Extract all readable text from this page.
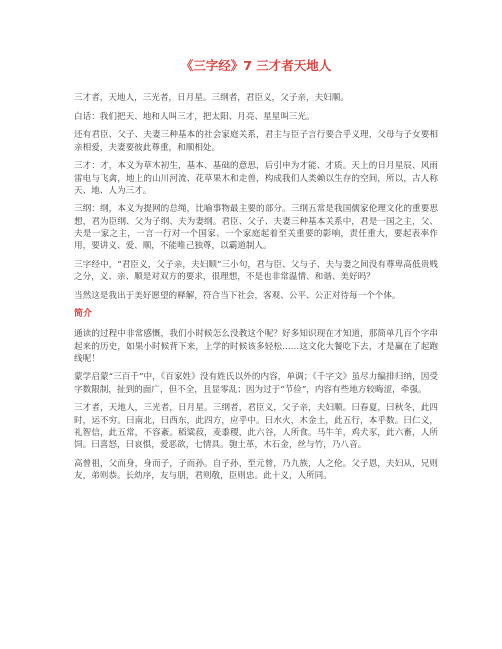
《三字经》7 三才者天地人

三才者，天地人，三光者，日月星。三纲者，君臣义，父子亲，夫妇顺。

白话：我们把天、地和人叫三才，把太阳、月亮、星星叫三光。

还有君臣、父子、夫妻三种基本的社会家庭关系，君主与臣子言行要合乎义理，父母与子女要相亲相爱，夫妻要彼此尊重，和顺相处。

三才：才，本义为草木初生，基本、基础的意思，后引申为才能、才质。天上的日月星辰、风雨雷电与飞禽，地上的山川河流、花草果木和走兽，构成我们人类赖以生存的空间，所以，古人称天、地、人为三才。

三纲：纲，本义为提网的总绳，比喻事物最主要的部分。三纲五常是我国儒家伦理文化的重要思想，君为臣纲、父为子纲、夫为妻纲。君臣、父子、夫妻三种基本关系中，君是一国之主，父、夫是一家之主，一言一行对一个国家、一个家庭起着至关重要的影响，责任重大，要起表率作用，要讲义、爱、顺，不能唯己独尊，以霸道制人。

三字经中，“君臣义，父子亲，夫妇顺”三小句，君与臣、父与子、夫与妻之间没有尊卑高低贵贱之分，义、亲、顺是对双方的要求，很理想，不是也非常温情、和谐、美好吗？

当然这是我出于美好愿望的释解，符合当下社会，客观、公平、公正对待每一个个体。

简介

通读的过程中非常感慨，我们小时候怎么没教这个呢？好多知识现在才知道，那简单几百个字串起来的历史，如果小时候背下来，上学的时候该多轻松……这文化大餐吃下去，才是赢在了起跑线呢！

蒙学启蒙“三百千”中，《百家姓》没有姓氏以外的内容，单调；《千字文》虽尽力编排归纳，因受字数限制，扯到的面广，但不全，且显零乱；因为过于“节俭”，内容有些地方较晦涩，牵强。

三才者，天地人，三光者，日月星。三纲者，君臣义，父子亲，夫妇顺。曰春夏，曰秋冬，此四时，运不穷。曰南北，曰西东，此四方，应乎中。曰水火，木金土，此五行，本乎数。曰仁义，礼智信，此五常，不容紊。稻粱菽，麦黍稷，此六谷，人所食。马牛羊，鸡犬豕，此六畜，人所饲。曰喜怒，曰哀惧，爱恶欲，七情具。匏土革，木石金，丝与竹，乃八音。

高曾祖，父而身，身而子，子而孙。自子孙，至元曾，乃九族，人之伦。父子恩，夫妇从，兄则友，弟则恭。长幼序，友与朋，君则敬，臣则忠。此十义，人所同。
